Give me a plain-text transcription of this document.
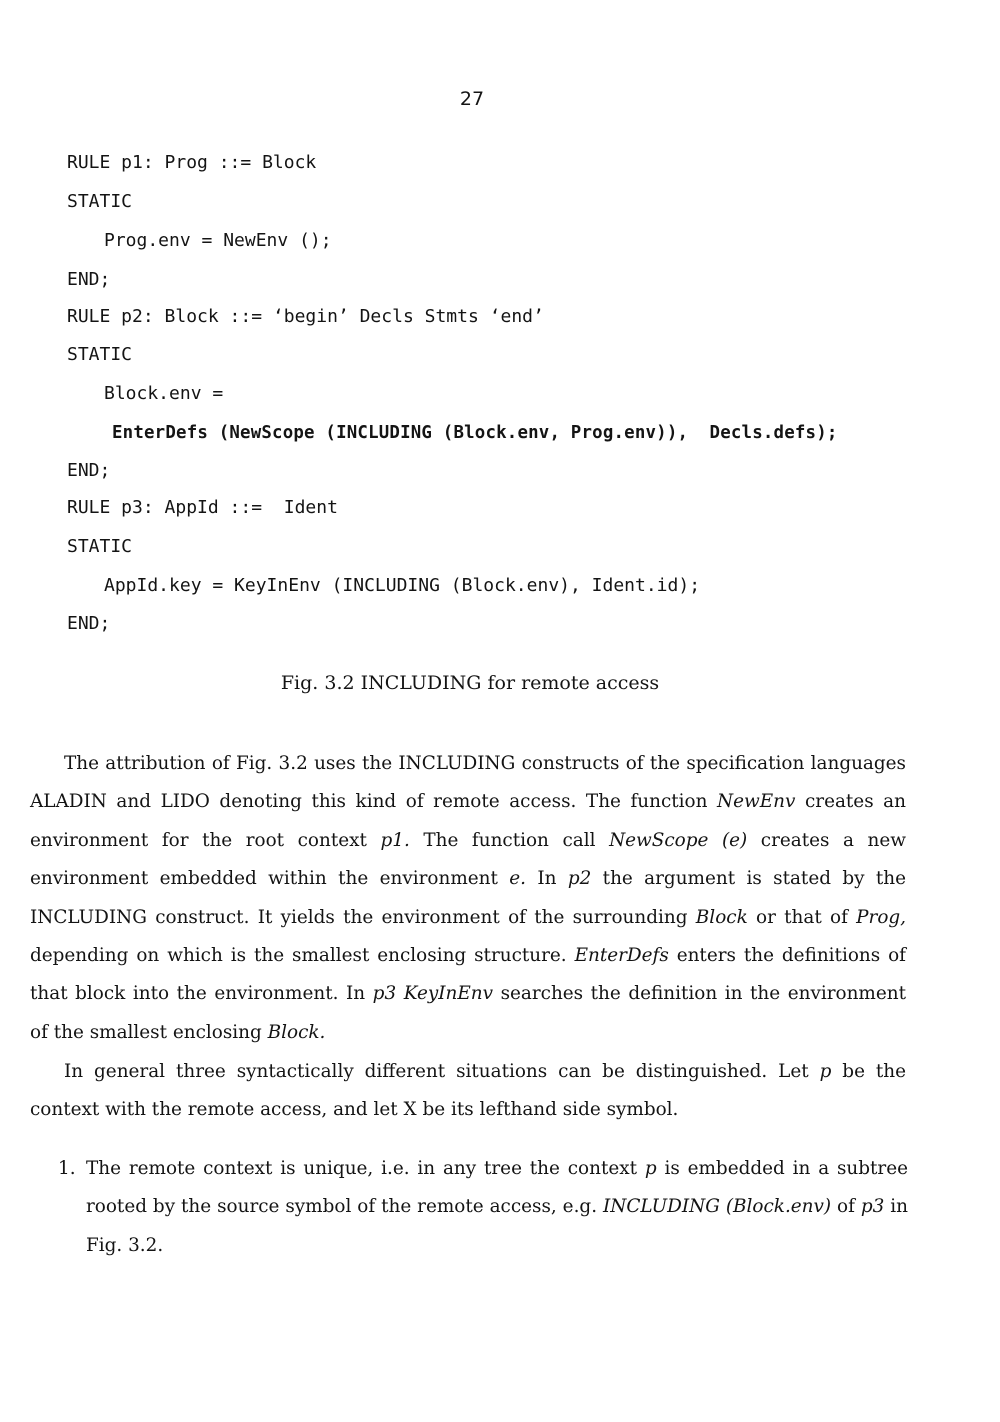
27
RULE p1: Prog ::= Block
STATIC
Prog.env = NewEnv ();
END;
RULE p2: Block ::= ‘begin’ Decls Stmts ‘end’
STATIC
Block.env =
EnterDefs (NewScope (INCLUDING (Block.env, Prog.env)),  Decls.defs);
END;
RULE p3: AppId ::=  Ident
STATIC
AppId.key = KeyInEnv (INCLUDING (Block.env), Ident.id);
END;
Fig. 3.2 INCLUDING for remote access
The attribution of Fig. 3.2 uses the INCLUDING constructs of the specification languages ALADIN and LIDO denoting this kind of remote access. The function NewEnv creates an environment for the root context p1. The function call NewScope (e) creates a new environment embedded within the environment e. In p2 the argument is stated by the INCLUDING construct. It yields the environment of the surrounding Block or that of Prog, depending on which is the smallest enclosing structure. EnterDefs enters the definitions of that block into the environment. In p3 KeyInEnv searches the definition in the environment of the smallest enclosing Block.
In general three syntactically different situations can be distinguished. Let p be the context with the remote access, and let X be its lefthand side symbol.
1. The remote context is unique, i.e. in any tree the context p is embedded in a subtree rooted by the source symbol of the remote access, e.g. INCLUDING (Block.env) of p3 in Fig. 3.2.
